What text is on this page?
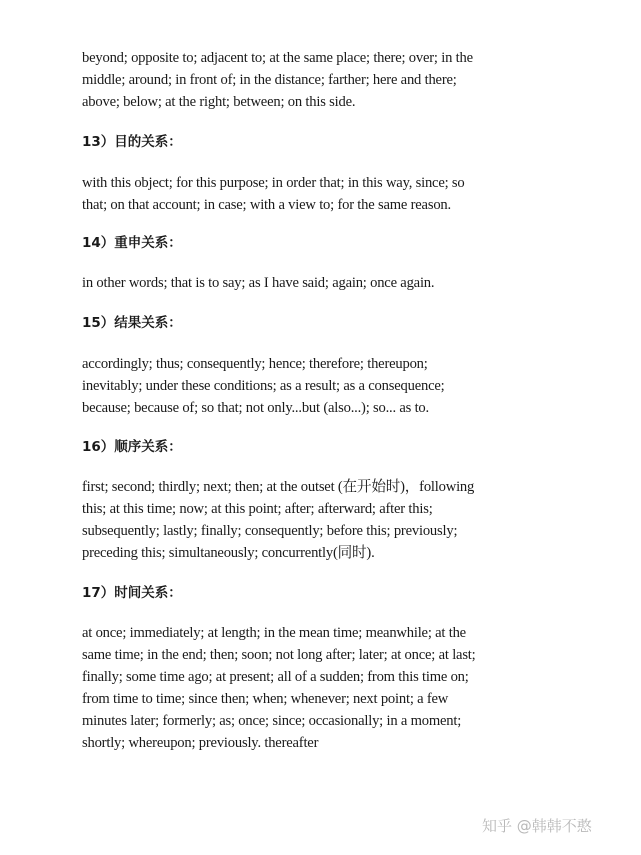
beyond; opposite to; adjacent to; at the same place; there; over; in the
middle; around; in front of; in the distance; farther; here and there;
above; below; at the right; between; on this side.
13）目的关系：
with this object; for this purpose; in order that; in this way, since; so
that; on that account; in case; with a view to; for the same reason.
14）重申关系：
in other words; that is to say; as I have said; again; once again.
15）结果关系：
accordingly; thus; consequently; hence; therefore; thereupon;
inevitably; under these conditions; as a result; as a consequence;
because; because of; so that; not only...but (also...); so... as to.
16）顺序关系：
first; second; thirdly; next; then; at the outset (在开始时)，following
this; at this time; now; at this point; after; afterward; after this;
subsequently; lastly; finally; consequently; before this; previously;
preceding this; simultaneously; concurrently(同时).
17）时间关系：
at once; immediately; at length; in the mean time; meanwhile; at the
same time; in the end; then; soon; not long after; later; at once; at last;
finally; some time ago; at present; all of a sudden; from this time on;
from time to time; since then; when; whenever; next point; a few
minutes later; formerly; as; once; since; occasionally; in a moment;
shortly; whereupon; previously. thereafter
知乎 @韩韩不憨
